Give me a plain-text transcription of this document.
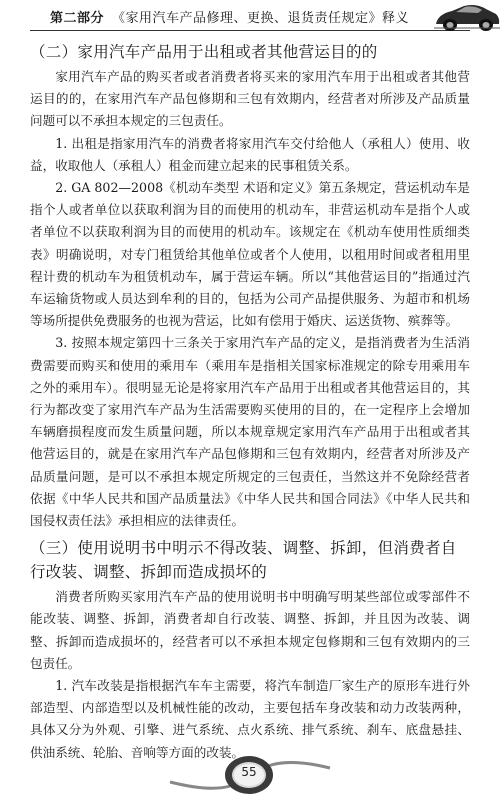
第二部分 《家用汽车产品修理、更换、退货责任规定》释义
（二）家用汽车产品用于出租或者其他营运目的的

家用汽车产品的购买者或者消费者将买来的家用汽车用于出租或者其他营运目的的，在家用汽车产品包修期和三包有效期内，经营者对所涉及产品质量问题可以不承担本规定的三包责任。

1. 出租是指家用汽车的消费者将家用汽车交付给他人（承租人）使用、收益，收取他人（承租人）租金而建立起来的民事租赁关系。

2. GA 802—2008《机动车类型 术语和定义》第五条规定，营运机动车是指个人或者单位以获取利润为目的而使用的机动车，非营运机动车是指个人或者单位不以获取利润为目的而使用的机动车。该规定在《机动车使用性质细类表》明确说明，对专门租赁给其他单位或者个人使用，以租用时间或者租用里程计费的机动车为租赁机动车，属于营运车辆。所以“其他营运目的”指通过汽车运输货物或人员达到牟利的目的，包括为公司产品提供服务、为超市和机场等场所提供免费服务的也视为营运，比如有偿用于婚庆、运送货物、殡葬等。

3. 按照本规定第四十三条关于家用汽车产品的定义，是指消费者为生活消费需要而购买和使用的乘用车（乘用车是指相关国家标准规定的除专用乘用车之外的乘用车）。很明显无论是将家用汽车产品用于出租或者其他营运目的，其行为都改变了家用汽车产品为生活需要购买使用的目的，在一定程序上会增加车辆磨损程度而发生质量问题，所以本规章规定家用汽车产品用于出租或者其他营运目的，就是在家用汽车产品包修期和三包有效期内，经营者对所涉及产品质量问题，是可以不承担本规定所规定的三包责任，当然这并不免除经营者依据《中华人民共和国产品质量法》《中华人民共和国合同法》《中华人民共和国侵权责任法》承担相应的法律责任。

（三）使用说明书中明示不得改装、调整、拆卸，但消费者自行改装、调整、拆卸而造成损坏的

消费者所购买家用汽车产品的使用说明书中明确写明某些部位或零部件不能改装、调整、拆卸，消费者却自行改装、调整、拆卸，并且因为改装、调整、拆卸而造成损坏的，经营者可以不承担本规定包修期和三包有效期内的三包责任。

1. 汽车改装是指根据汽车车主需要，将汽车制造厂家生产的原形车进行外部造型、内部造型以及机械性能的改动，主要包括车身改装和动力改装两种，具体又分为外观、引擎、进气系统、点火系统、排气系统、刹车、底盘悬挂、供油系统、轮胎、音响等方面的改装。

55
